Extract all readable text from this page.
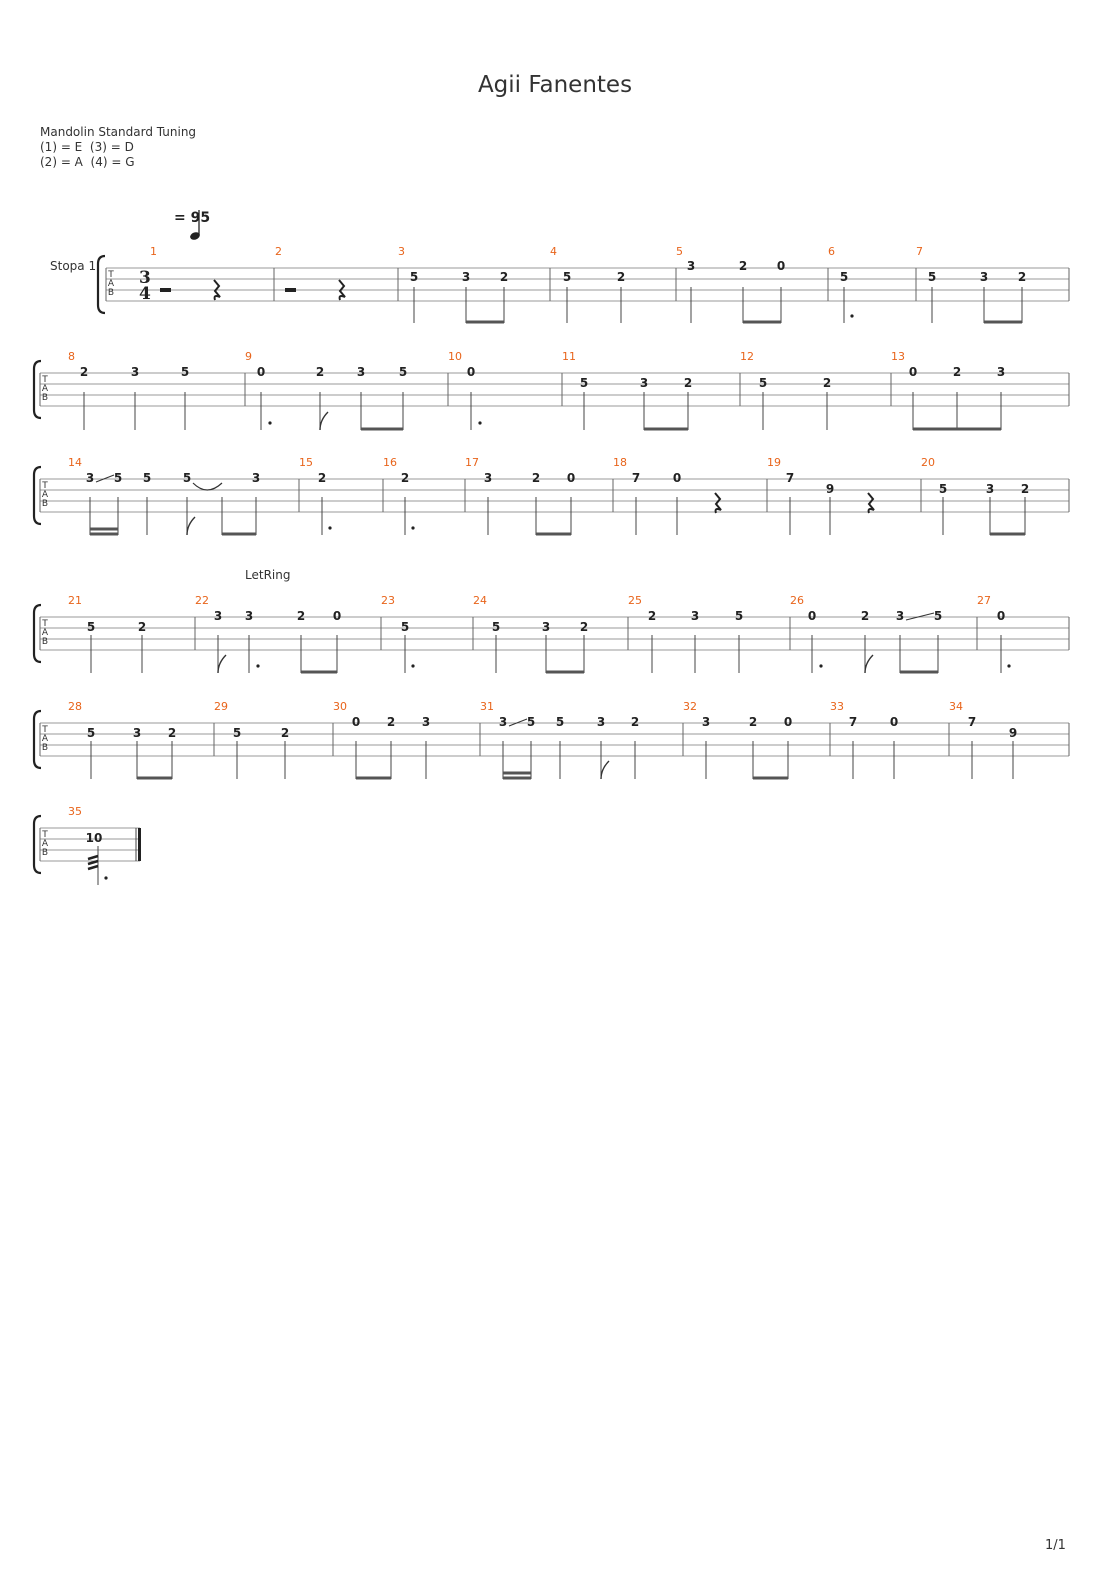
Agii Fanentes
Mandolin Standard Tuning
(1) = E  (3) = D
(2) = A  (4) = G
= 95
Stopa 1
LetRing
1/1
T
A
B
1	2	3	4	5	6	7
T
A
B
8	9	10	11	12	13
T
A
B
14	15	16	17	18	19	20
T
A
B
21	22	23	24	25	26	27
T
A
B
28	29	30	31	32	33	34
T
A
B
35
3
4
5	3 2	5	2
3	2 0
5	5	3 2
2	3	5	0	2	3	5	0
5	3	2	5	2
0	2	3
3 5 5	5	3	2	2	3	2 0	7	0	7
9	5	3 2
5	2
3 3	2 0
5	5	3 2
2	3	5	0	2 3 5	0
5	3 2	5	2
0 2 3	3 5 5	3 2	3	2 0	7	0	7
9
10
